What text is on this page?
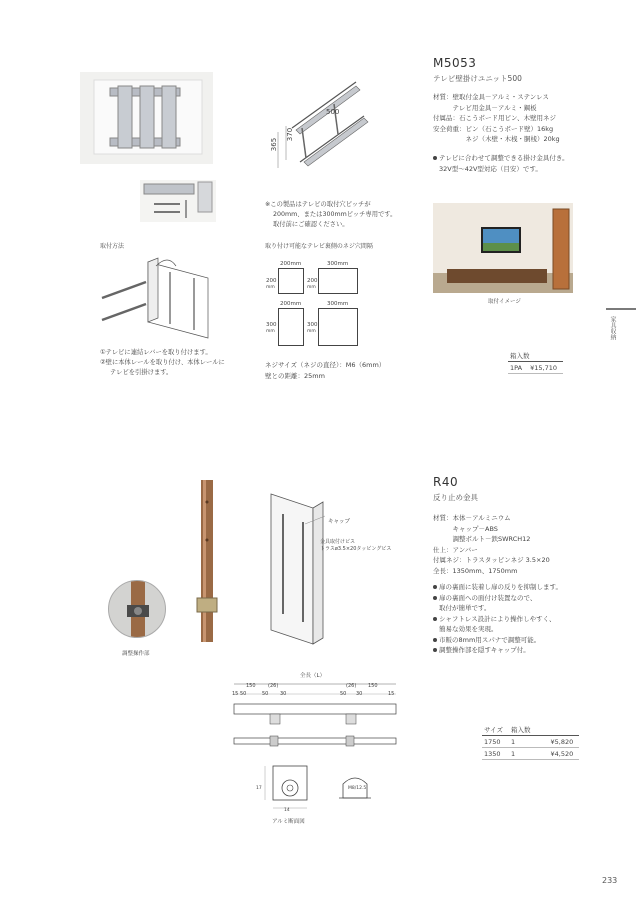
500
370
365
※この製品はテレビの取付穴ピッチが
200mm、または300mmピッチ専用です。
取付前にご確認ください。
取付方法
①テレビに連結レバーを取り付けます。
②壁に本体レールを取り付け、本体レールに
テレビを引掛けます。
取り付け可能なテレビ裏側のネジ穴間隔
200mm
200
mm
300mm
200
mm
200mm
300
mm
300mm
300
mm
ネジサイズ（ネジの直径）：M6（6mm）
壁との距離：25mm
M5053
テレビ壁掛けユニット500
材質：壁取付金具－アルミ・ステンレス
　　　テレビ用金具－アルミ・鋼板
付属品：石こうボード用ピン、木壁用ネジ
安全荷重：ピン（石こうボード壁）16kg
　　　　　ネジ（木壁・木桟・胴桟）20kg
テレビに合わせて調整できる掛け金具付き。
32V型～42V型対応（目安）です。
取付イメージ
箱入数
1PA	¥15,710
家具収納
調整操作部
キャップ
金具取付けビス
トラスø3.5×20タッピングビス
全長（L）
150 (26)
50	50	50
(26) 150
30	30
15	15
17
14
M8/12.5
アルミ断面図
R40
反り止め金具
材質：本体－アルミニウム
　　　キャップ－ABS
　　　調整ボルト－鉄SWRCH12
仕上：アンバー
付属ネジ：トラスタッピンネジ 3.5×20
全長：1350mm、1750mm
扉の裏面に装着し扉の反りを抑制します。
扉の裏面への面付け装置なので、
取付が簡単です。
シャフトレス設計により操作しやすく、
簡易な効果を実現。
市販の8mm用スパナで調整可能。
調整操作部を隠すキャップ付。
サイズ	箱入数	
1750	1	¥5,820
1350	1	¥4,520
233
